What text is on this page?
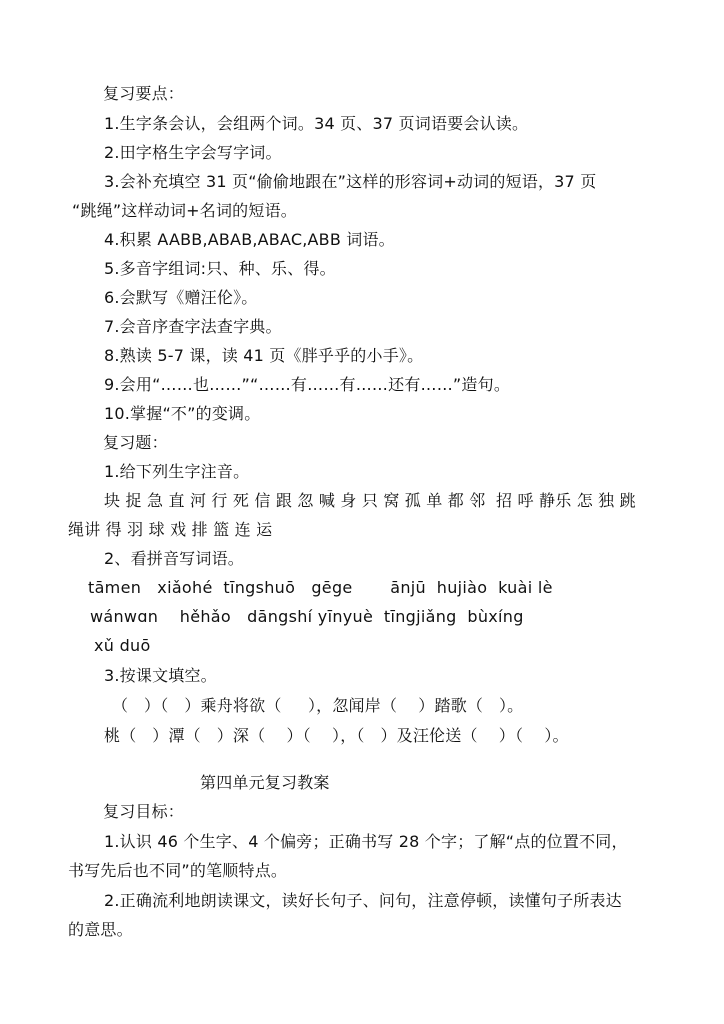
复习要点：
1.生字条会认，会组两个词。34 页、37 页词语要会认读。
2.田字格生字会写字词。
3.会补充填空 31 页“偷偷地跟在”这样的形容词+动词的短语，37 页
“跳绳”这样动词+名词的短语。
4.积累 AABB,ABAB,ABAC,ABB 词语。
5.多音字组词:只、种、乐、得。
6.会默写《赠汪伦》。
7.会音序查字法查字典。
8.熟读 5-7 课，读 41 页《胖乎乎的小手》。
9.会用“……也……”“……有……有……还有……”造句。
10.掌握“不”的变调。
复习题：
1.给下列生字注音。
块 捉 急 直 河 行 死 信 跟 忽 喊 身 只 窝 孤 单 都 邻  招 呼 静乐 怎 独 跳
绳讲 得 羽 球 戏 排 篮 连 运
2、看拼音写词语。
tāmen   xiǎohé  tīngshuō   gēge       ānjū  hujiào  kuài lè
wánwɑn    hěhǎo   dāngshí yīnyuè  tīngjiǎng  bùxíng
xǔ duō
3.按课文填空。
（   ）（   ）乘舟将欲（     ），忽闻岸（    ）踏歌（   ）。
桃（   ）潭（   ）深（    ）（    ），（   ）及汪伦送（    ）（    ）。
第四单元复习教案
复习目标：
1.认识 46 个生字、4 个偏旁；正确书写 28 个字；了解“点的位置不同，
书写先后也不同”的笔顺特点。
2.正确流利地朗读课文，读好长句子、问句，注意停顿，读懂句子所表达
的意思。
